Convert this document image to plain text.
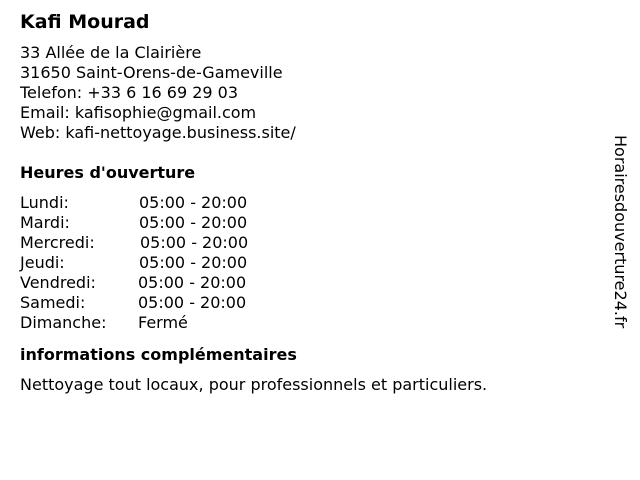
Kafi Mourad
33 Allée de la Clairière
31650 Saint-Orens-de-Gameville
Telefon: +33 6 16 69 29 03
Email: kafisophie@gmail.com
Web: kafi-nettoyage.business.site/
Heures d'ouverture
Lundi:	05:00 - 20:00
Mardi:	05:00 - 20:00
Mercredi:	05:00 - 20:00
Jeudi:	05:00 - 20:00
Vendredi:	05:00 - 20:00
Samedi:	05:00 - 20:00
Dimanche: Fermé
informations complémentaires
Nettoyage tout locaux, pour professionnels et particuliers.
Horairesdouverture24.fr
